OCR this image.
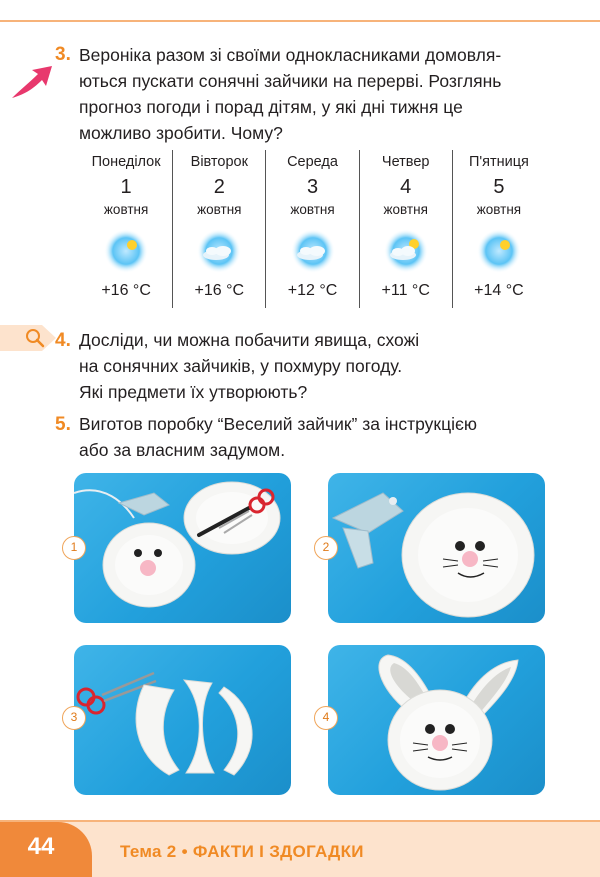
3. Вероніка разом зі своїми однокласниками домовля-
ються пускати сонячні зайчики на перерві. Розглянь
прогноз погоди і порад дітям, у які дні тижня це
можливо зробити. Чому?
Понеділок
1
жовтня
+16 °C
Вівторок
2
жовтня
+16 °C
Середа
3
жовтня
+12 °C
Четвер
4
жовтня
+11 °C
П'ятниця
5
жовтня
+14 °C
4. Досліди, чи можна побачити явища, схожі
на сонячних зайчиків, у похмуру погоду.
Які предмети їх утворюють?
5. Виготов поробку “Веселий зайчик” за інструкцією
або за власним задумом.
1	2
3	4
44	Тема 2 • ФАКТИ І ЗДОГАДКИ
